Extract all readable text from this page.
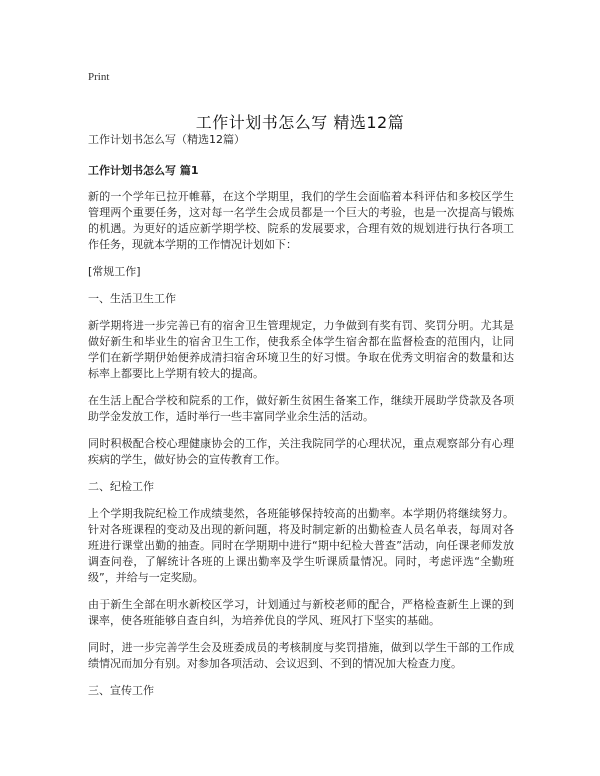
Print
工作计划书怎么写 精选12篇
工作计划书怎么写（精选12篇）
工作计划书怎么写 篇1

新的一个学年已拉开帷幕，在这个学期里，我们的学生会面临着本科评估和多校区学生管理两个重要任务，这对每一名学生会成员都是一个巨大的考验，也是一次提高与锻炼的机遇。为更好的适应新学期学校、院系的发展要求，合理有效的规划进行执行各项工作任务，现就本学期的工作情况计划如下：

[常规工作]

一、生活卫生工作

新学期将进一步完善已有的宿舍卫生管理规定，力争做到有奖有罚、奖罚分明。尤其是做好新生和毕业生的宿舍卫生工作，使我系全体学生宿舍都在监督检查的范围内，让同学们在新学期伊始便养成清扫宿舍环境卫生的好习惯。争取在优秀文明宿舍的数量和达标率上都要比上学期有较大的提高。

在生活上配合学校和院系的工作，做好新生贫困生备案工作，继续开展助学贷款及各项助学金发放工作，适时举行一些丰富同学业余生活的活动。

同时积极配合校心理健康协会的工作，关注我院同学的心理状况，重点观察部分有心理疾病的学生，做好协会的宣传教育工作。

二、纪检工作

上个学期我院纪检工作成绩斐然，各班能够保持较高的出勤率。本学期仍将继续努力。针对各班课程的变动及出现的新问题，将及时制定新的出勤检查人员名单表，每周对各班进行课堂出勤的抽查。同时在学期期中进行“期中纪检大普查”活动，向任课老师发放调查问卷，了解统计各班的上课出勤率及学生听课质量情况。同时，考虑评选“全勤班级”，并给与一定奖励。

由于新生全部在明水新校区学习，计划通过与新校老师的配合，严格检查新生上课的到课率，使各班能够自查自纠，为培养优良的学风、班风打下坚实的基础。

同时，进一步完善学生会及班委成员的考核制度与奖罚措施，做到以学生干部的工作成绩情况而加分有别。对参加各项活动、会议迟到、不到的情况加大检查力度。

三、宣传工作
